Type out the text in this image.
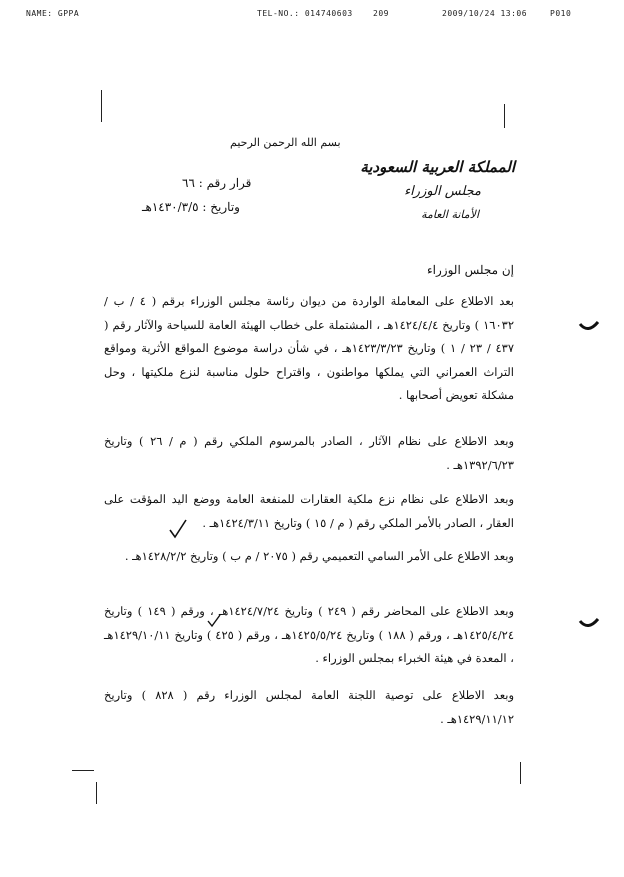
NAME: GPPA	TEL-NO.: 014740603	209	2009/10/24 13:06	P010
بسم الله الرحمن الرحيم
المملكة العربية السعودية
مجلس الوزراء
الأمانة العامة
قرار رقم : ٦٦
وتاريخ : ١٤٣٠/٣/٥هـ
إن مجلس الوزراء
بعد الاطلاع على المعاملة الواردة من ديوان رئاسة مجلس الوزراء برقم ( ٤ / ب / ١٦٠٣٢ ) وتاريخ ١٤٢٤/٤/٤هـ ، المشتملة على خطاب الهيئة العامة للسياحة والآثار رقم ( ٤٣٧ / ٢٣ / ١ ) وتاريخ ١٤٢٣/٣/٢٣هـ ، في شأن دراسة موضوع المواقع الأثرية ومواقع التراث العمراني التي يملكها مواطنون ، واقتراح حلول مناسبة لنزع ملكيتها ، وحل مشكلة تعويض أصحابها .
وبعد الاطلاع على نظام الآثار ، الصادر بالمرسوم الملكي رقم ( م / ٢٦ ) وتاريخ ١٣٩٢/٦/٢٣هـ .
وبعد الاطلاع على نظام نزع ملكية العقارات للمنفعة العامة ووضع اليد المؤقت على العقار ، الصادر بالأمر الملكي رقم ( م / ١٥ ) وتاريخ ١٤٢٤/٣/١١هـ .
وبعد الاطلاع على الأمر السامي التعميمي رقم ( ٢٠٧٥ / م ب ) وتاريخ ١٤٢٨/٢/٢هـ .
وبعد الاطلاع على المحاضر رقم ( ٢٤٩ ) وتاريخ ١٤٢٤/٧/٢٤هـ ، ورقم ( ١٤٩ ) وتاريخ ١٤٢٥/٤/٢٤هـ ، ورقم ( ١٨٨ ) وتاريخ ١٤٢٥/٥/٢٤هـ ، ورقم ( ٤٢٥ ) وتاريخ ١٤٢٩/١٠/١١هـ ، المعدة في هيئة الخبراء بمجلس الوزراء .
وبعد الاطلاع على توصية اللجنة العامة لمجلس الوزراء رقم ( ٨٢٨ ) وتاريخ ١٤٢٩/١١/١٢هـ .
